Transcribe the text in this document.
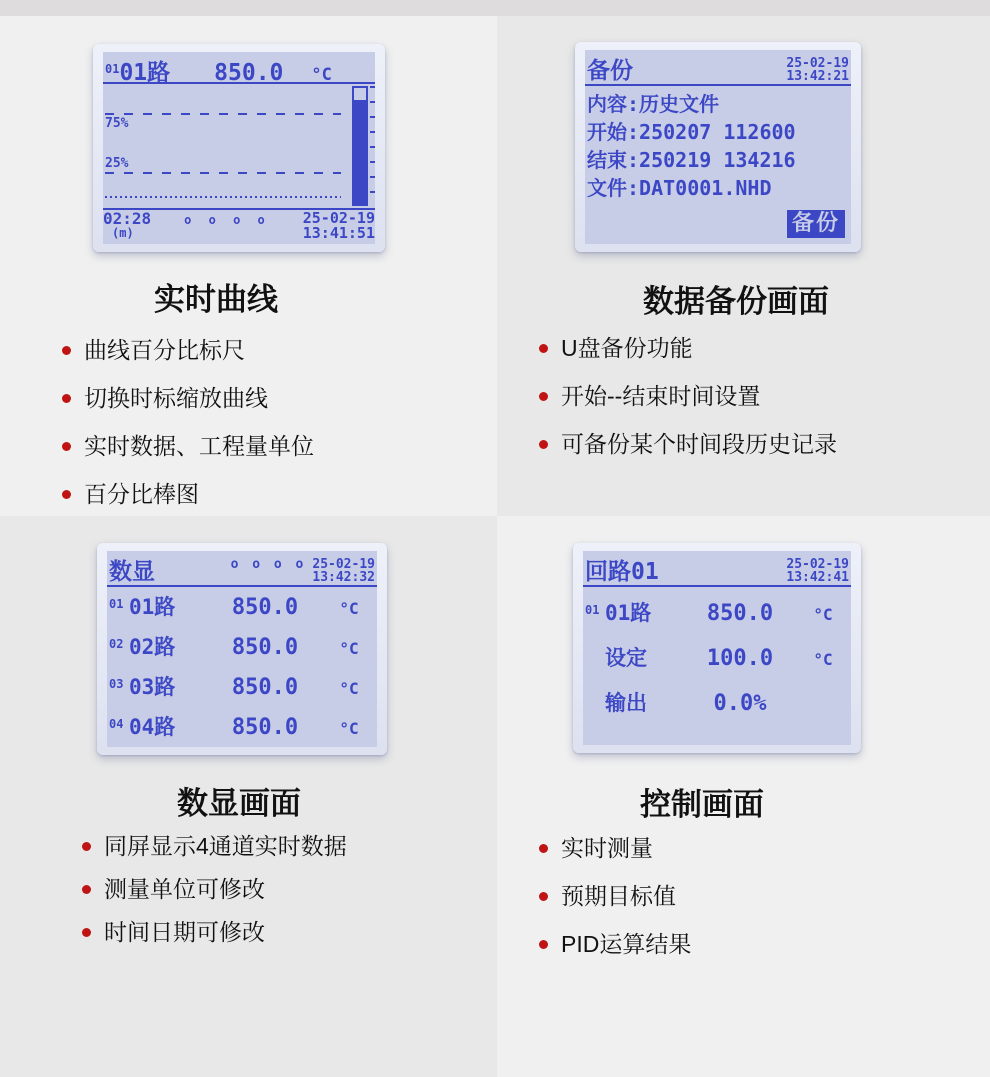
01 01路 850.0 °C
75%
25%
02:28
(m)
o o o o 25-02-19
13:41:51
实时曲线
曲线百分比标尺
切换时标缩放曲线
实时数据、工程量单位
百分比棒图
备份	25-02-19
13:42:21
内容:历史文件
开始:250207 112600
结束:250219 134216
文件:DAT0001.NHD
备份
数据备份画面
U盘备份功能
开始--结束时间设置
可备份某个时间段历史记录
数显	o o o o 25-02-19
13:42:32
01 01路	850.0	°C
02 02路	850.0	°C
03 03路	850.0	°C
04 04路	850.0	°C
数显画面
同屏显示4通道实时数据
测量单位可修改
时间日期可修改
回路01	25-02-19
13:42:41
01 01路	850.0	°C
设定	100.0	°C
输出	0.0%
控制画面
实时测量
预期目标值
PID运算结果
